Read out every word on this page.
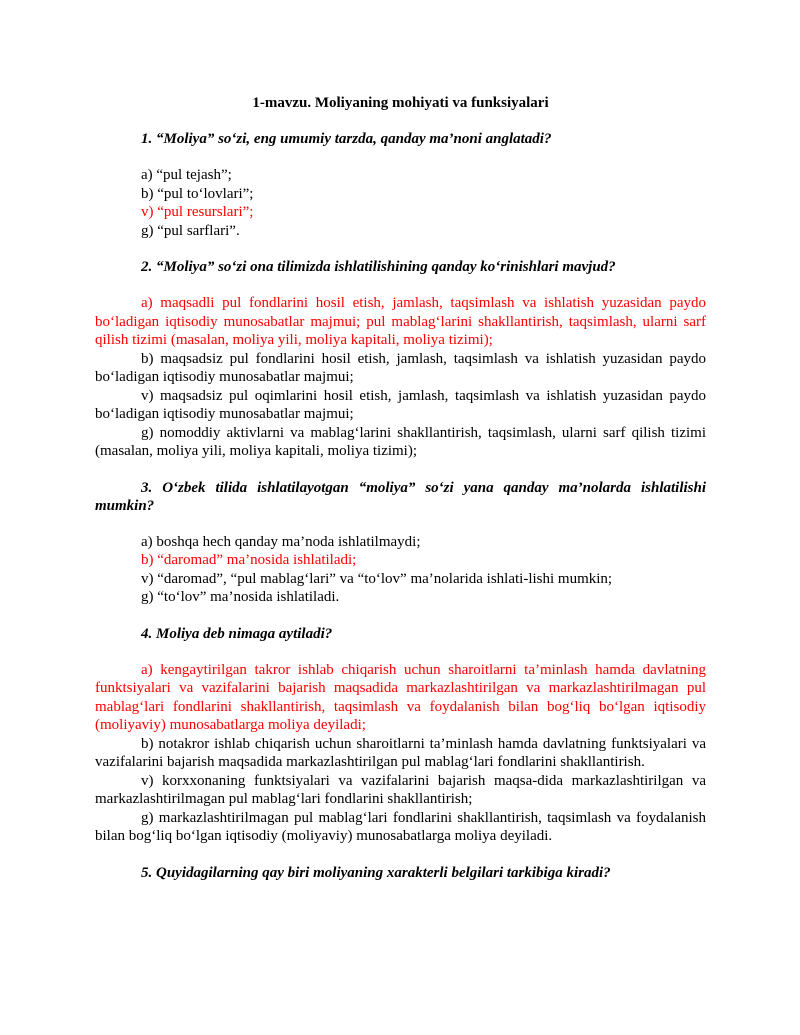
1-mavzu. Moliyaning mohiyati va funksiyalari

1. “Moliya” so‘zi, eng umumiy tarzda, qanday ma’noni anglatadi?

a) “pul tejash”;

b) “pul to‘lovlari”;

v) “pul resurslari”;

g) “pul sarflari”.

2. “Moliya” so‘zi ona tilimizda ishlatilishining qanday ko‘rinishlari mavjud?

a) maqsadli pul fondlarini hosil etish, jamlash, taqsimlash va ishlatish yuzasidan paydo bo‘ladigan iqtisodiy munosabatlar majmui; pul mablag‘larini shakllantirish, taqsimlash, ularni sarf qilish tizimi (masalan, moliya yili, moliya kapitali, moliya tizimi);

b) maqsadsiz pul fondlarini hosil etish, jamlash, taqsimlash va ishlatish yuzasidan paydo bo‘ladigan iqtisodiy munosabatlar majmui;

v) maqsadsiz pul oqimlarini hosil etish, jamlash, taqsimlash va ishlatish yuzasidan paydo bo‘ladigan iqtisodiy munosabatlar majmui;

g) nomoddiy aktivlarni va mablag‘larini shakllantirish, taqsimlash, ularni sarf qilish tizimi (masalan, moliya yili, moliya kapitali, moliya tizimi);

3. O‘zbek tilida ishlatilayotgan “moliya” so‘zi yana qanday ma’nolarda ishlatilishi mumkin?

a) boshqa hech qanday ma’noda ishlatilmaydi;

b) “daromad” ma’nosida ishlatiladi;

v) “daromad”, “pul mablag‘lari” va “to‘lov” ma’nolarida ishlati-lishi mumkin;

g) “to‘lov” ma’nosida ishlatiladi.

4. Moliya deb nimaga aytiladi?

a) kengaytirilgan takror ishlab chiqarish uchun sharoitlarni ta’minlash hamda davlatning funktsiyalari va vazifalarini bajarish maqsadida markazlashtirilgan va markazlashtirilmagan pul mablag‘lari fondlarini shakllantirish, taqsimlash va foydalanish bilan bog‘liq bo‘lgan iqtisodiy (moliyaviy) munosabatlarga moliya deyiladi;

b) notakror ishlab chiqarish uchun sharoitlarni ta’minlash hamda davlatning funktsiyalari va vazifalarini bajarish maqsadida markazlashtirilgan pul mablag‘lari fondlarini shakllantirish.

v) korxxonaning funktsiyalari va vazifalarini bajarish maqsa-dida markazlashtirilgan va markazlashtirilmagan pul mablag‘lari fondlarini shakllantirish;

g) markazlashtirilmagan pul mablag‘lari fondlarini shakllantirish, taqsimlash va foydalanish bilan bog‘liq bo‘lgan iqtisodiy (moliyaviy) munosabatlarga moliya deyiladi.

5. Quyidagilarning qay biri moliyaning xarakterli belgilari tarkibiga kiradi?
